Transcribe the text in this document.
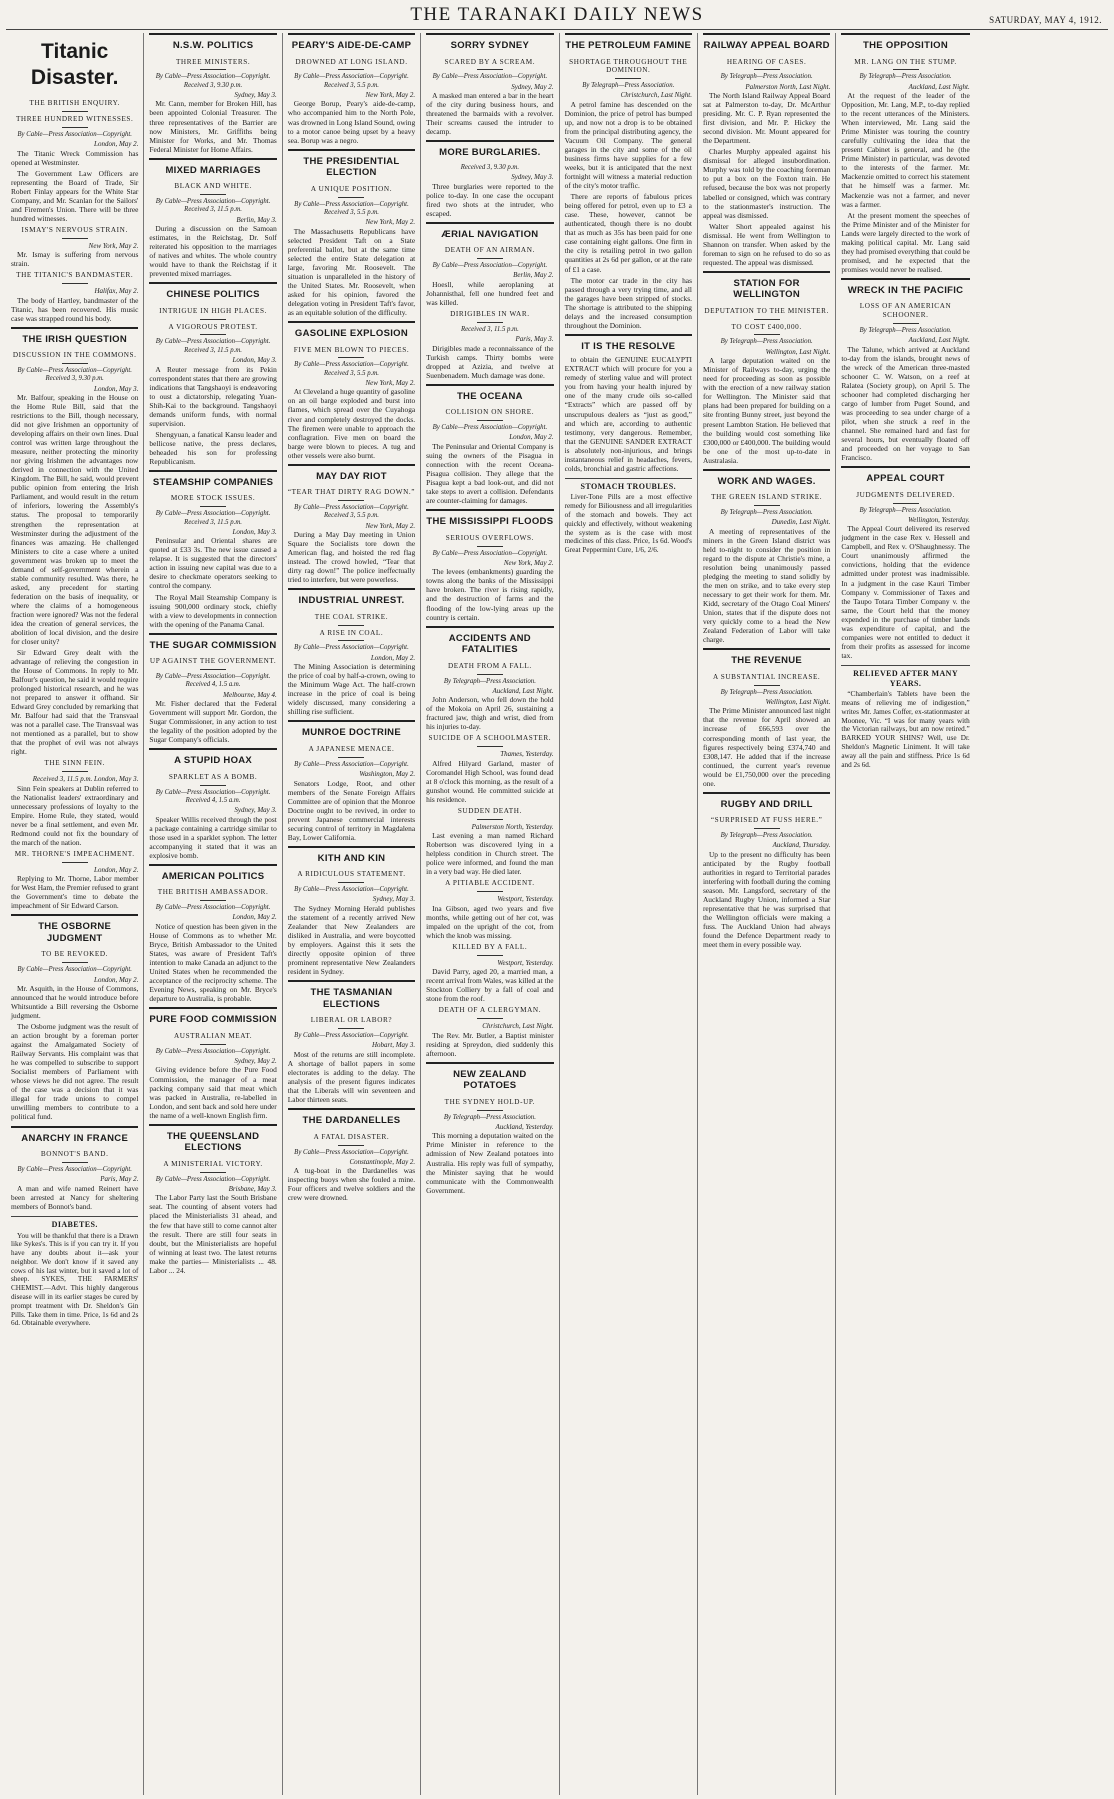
THE TARANAKI DAILY NEWS	SATURDAY, MAY 4, 1912.
Titanic Disaster.
THE BRITISH ENQUIRY.
THREE HUNDRED WITNESSES.
By Cable—Press Association—Copyright.
London, May 2.
The Titanic Wreck Commission has opened at Westminster.
The Government Law Officers are representing the Board of Trade, Sir Robert Finlay appears for the White Star Company, and Mr. Scanlan for the Sailors' and Firemen's Union. There will be three hundred witnesses.
ISMAY'S NERVOUS STRAIN.
New York, May 2.
Mr. Ismay is suffering from nervous strain.
THE TITANIC'S BANDMASTER.
Halifax, May 2.
The body of Hartley, bandmaster of the Titanic, has been recovered. His music case was strapped round his body.
THE IRISH QUESTION
DISCUSSION IN THE COMMONS.
By Cable—Press Association—Copyright. Received 3, 9.30 p.m.
London, May 3.
Mr. Balfour, speaking in the House on the Home Rule Bill, said that the restrictions to the Bill, though necessary, did not give Irishmen an opportunity of developing affairs on their own lines. Dual control was written large throughout the measure, neither protecting the minority nor giving Irishmen the advantages now derived in connection with the United Kingdom. The Bill, he said, would prevent public opinion from entering the Irish Parliament, and would result in the return of inferiors, lowering the Assembly's status. The proposal to temporarily strengthen the representation at Westminster during the adjustment of the finances was amazing. He challenged Ministers to cite a case where a united government was broken up to meet the demand of self-government wherein a stable community resulted. Was there, he asked, any precedent for starting federation on the basis of inequality, or where the claims of a homogeneous fraction were ignored? Was not the federal idea the creation of general services, the abolition of local division, and the desire for closer unity?
Sir Edward Grey dealt with the advantage of relieving the congestion in the House of Commons. In reply to Mr. Balfour's question, he said it would require prolonged historical research, and he was not prepared to answer it offhand. Sir Edward Grey concluded by remarking that Mr. Balfour had said that the Transvaal was not a parallel case. The Transvaal was not mentioned as a parallel, but to show that the prophet of evil was not always right.
THE SINN FEIN.
Received 3, 11.5 p.m. London, May 3.
Sinn Fein speakers at Dublin referred to the Nationalist leaders' extraordinary and unnecessary professions of loyalty to the Empire. Home Rule, they stated, would never be a final settlement, and even Mr. Redmond could not fix the boundary of the march of the nation.
MR. THORNE'S IMPEACHMENT.
London, May 2.
Replying to Mr. Thorne, Labor member for West Ham, the Premier refused to grant the Government's time to debate the impeachment of Sir Edward Carson.
THE OSBORNE JUDGMENT
TO BE REVOKED.
By Cable—Press Association—Copyright.
London, May 2.
Mr. Asquith, in the House of Commons, announced that he would introduce before Whitsuntide a Bill reversing the Osborne judgment.
The Osborne judgment was the result of an action brought by a foreman porter against the Amalgamated Society of Railway Servants. His complaint was that he was compelled to subscribe to support Socialist members of Parliament with whose views he did not agree. The result of the case was a decision that it was illegal for trade unions to compel unwilling members to contribute to a political fund.
ANARCHY IN FRANCE
BONNOT'S BAND.
By Cable—Press Association—Copyright.
Paris, May 2.
A man and wife named Reinert have been arrested at Nancy for sheltering members of Bonnot's band.
DIABETES.
You will be thankful that there is a Drawn like Sykes's. This is if you can try it. If you have any doubts about it—ask your neighbor. We don't know if it saved any cows of his last winter, but it saved a lot of sheep. SYKES, THE FARMERS' CHEMIST.—Advt. This highly dangerous disease will in its earlier stages be cured by prompt treatment with Dr. Sheldon's Gin Pills. Take them in time. Price, 1s 6d and 2s 6d. Obtainable everywhere.
N.S.W. POLITICS
THREE MINISTERS.
By Cable—Press Association—Copyright. Received 3, 9.30 p.m.
Sydney, May 3.
Mr. Cann, member for Broken Hill, has been appointed Colonial Treasurer. The three representatives of the Barrier are now Ministers, Mr. Griffiths being Minister for Works, and Mr. Thomas Federal Minister for Home Affairs.
MIXED MARRIAGES
BLACK AND WHITE.
By Cable—Press Association—Copyright. Received 3, 11.5 p.m.
Berlin, May 3.
During a discussion on the Samoan estimates, in the Reichstag, Dr. Solf reiterated his opposition to the marriages of natives and whites. The whole country would have to thank the Reichstag if it prevented mixed marriages.
CHINESE POLITICS
INTRIGUE IN HIGH PLACES.
A VIGOROUS PROTEST.
By Cable—Press Association—Copyright. Received 3, 11.5 p.m.
London, May 3.
A Reuter message from its Pekin correspondent states that there are growing indications that Tangshaoyi is endeavoring to oust a dictatorship, relegating Yuan-Shih-Kai to the background. Tangshaoyi demands uniform funds, with normal supervision.
Shengyuan, a fanatical Kansu leader and bellicose native, the press declares, beheaded his son for professing Republicanism.
STEAMSHIP COMPANIES
MORE STOCK ISSUES.
By Cable—Press Association—Copyright. Received 3, 11.5 p.m.
London, May 3.
Peninsular and Oriental shares are quoted at £33 3s. The new issue caused a relapse. It is suggested that the directors' action in issuing new capital was due to a desire to checkmate operators seeking to control the company.
The Royal Mail Steamship Company is issuing 900,000 ordinary stock, chiefly with a view to developments in connection with the opening of the Panama Canal.
THE SUGAR COMMISSION
UP AGAINST THE GOVERNMENT.
By Cable—Press Association—Copyright. Received 4, 1.5 a.m.
Melbourne, May 4.
Mr. Fisher declared that the Federal Government will support Mr. Gordon, the Sugar Commissioner, in any action to test the legality of the position adopted by the Sugar Company's officials.
A STUPID HOAX
SPARKLET AS A BOMB.
By Cable—Press Association—Copyright. Received 4, 1.5 a.m.
Sydney, May 3.
Speaker Willis received through the post a package containing a cartridge similar to those used in a sparklet syphon. The letter accompanying it stated that it was an explosive bomb.
AMERICAN POLITICS
THE BRITISH AMBASSADOR.
By Cable—Press Association—Copyright.
London, May 2.
Notice of question has been given in the House of Commons as to whether Mr. Bryce, British Ambassador to the United States, was aware of President Taft's intention to make Canada an adjunct to the United States when he recommended the acceptance of the reciprocity scheme. The Evening News, speaking on Mr. Bryce's departure to Australia, is probable.
PURE FOOD COMMISSION
AUSTRALIAN MEAT.
By Cable—Press Association—Copyright.
Sydney, May 2.
Giving evidence before the Pure Food Commission, the manager of a meat packing company said that meat which was packed in Australia, re-labelled in London, and sent back and sold here under the name of a well-known English firm.
THE QUEENSLAND ELECTIONS
A MINISTERIAL VICTORY.
By Cable—Press Association—Copyright.
Brisbane, May 3.
The Labor Party last the South Brisbane seat. The counting of absent voters had placed the Ministerialists 31 ahead, and the few that have still to come cannot alter the result. There are still four seats in doubt, but the Ministerialists are hopeful of winning at least two. The latest returns make the parties— Ministerialists ... 48. Labor ... 24.
PEARY'S AIDE-DE-CAMP
DROWNED AT LONG ISLAND.
By Cable—Press Association—Copyright. Received 3, 5.5 p.m.
New York, May 2.
George Borup, Peary's aide-de-camp, who accompanied him to the North Pole, was drowned in Long Island Sound, owing to a motor canoe being upset by a heavy sea. Borup was a negro.
THE PRESIDENTIAL ELECTION
A UNIQUE POSITION.
By Cable—Press Association—Copyright. Received 3, 5.5 p.m.
New York, May 2.
The Massachusetts Republicans have selected President Taft on a State preferential ballot, but at the same time selected the entire State delegation at large, favoring Mr. Roosevelt. The situation is unparalleled in the history of the United States. Mr. Roosevelt, when asked for his opinion, favored the delegation voting in President Taft's favor, as an equitable solution of the difficulty.
GASOLINE EXPLOSION
FIVE MEN BLOWN TO PIECES.
By Cable—Press Association—Copyright. Received 3, 5.5 p.m.
New York, May 2.
At Cleveland a huge quantity of gasoline on an oil barge exploded and burst into flames, which spread over the Cuyahoga river and completely destroyed the docks. The firemen were unable to approach the conflagration. Five men on board the barge were blown to pieces. A tug and other vessels were also burnt.
MAY DAY RIOT
“TEAR THAT DIRTY RAG DOWN.”
By Cable—Press Association—Copyright. Received 3, 5.5 p.m.
New York, May 2.
During a May Day meeting in Union Square the Socialists tore down the American flag, and hoisted the red flag instead. The crowd howled, “Tear that dirty rag down!” The police ineffectually tried to interfere, but were powerless.
INDUSTRIAL UNREST.
THE COAL STRIKE.
A RISE IN COAL.
By Cable—Press Association—Copyright.
London, May 2.
The Mining Association is determining the price of coal by half-a-crown, owing to the Minimum Wage Act. The half-crown increase in the price of coal is being widely discussed, many considering a shilling rise sufficient.
MUNROE DOCTRINE
A JAPANESE MENACE.
By Cable—Press Association—Copyright.
Washington, May 2.
Senators Lodge, Root, and other members of the Senate Foreign Affairs Committee are of opinion that the Monroe Doctrine ought to be revived, in order to prevent Japanese commercial interests securing control of territory in Magdalena Bay, Lower California.
KITH AND KIN
A RIDICULOUS STATEMENT.
By Cable—Press Association—Copyright.
Sydney, May 3.
The Sydney Morning Herald publishes the statement of a recently arrived New Zealander that New Zealanders are disliked in Australia, and were boycotted by employers. Against this it sets the directly opposite opinion of three prominent representative New Zealanders resident in Sydney.
THE TASMANIAN ELECTIONS
LIBERAL OR LABOR?
By Cable—Press Association—Copyright.
Hobart, May 3.
Most of the returns are still incomplete. A shortage of ballot papers in some electorates is adding to the delay. The analysis of the present figures indicates that the Liberals will win seventeen and Labor thirteen seats.
THE DARDANELLES
A FATAL DISASTER.
By Cable—Press Association—Copyright.
Constantinople, May 2.
A tug-boat in the Dardanelles was inspecting buoys when she fouled a mine. Four officers and twelve soldiers and the crew were drowned.
SORRY SYDNEY
SCARED BY A SCREAM.
By Cable—Press Association—Copyright.
Sydney, May 2.
A masked man entered a bar in the heart of the city during business hours, and threatened the barmaids with a revolver. Their screams caused the intruder to decamp.
MORE BURGLARIES.
Received 3, 9.30 p.m.
Sydney, May 3.
Three burglaries were reported to the police to-day. In one case the occupant fired two shots at the intruder, who escaped.
ÆRIAL NAVIGATION
DEATH OF AN AIRMAN.
By Cable—Press Association—Copyright.
Berlin, May 2.
Hoesll, while aeroplaning at Johannisthal, fell one hundred feet and was killed.
DIRIGIBLES IN WAR.
Received 3, 11.5 p.m.
Paris, May 3.
Dirigibles made a reconnaissance of the Turkish camps. Thirty bombs were dropped at Azizia, and twelve at Suenbenadem. Much damage was done.
THE OCEANA
COLLISION ON SHORE.
By Cable—Press Association—Copyright.
London, May 2.
The Peninsular and Oriental Company is suing the owners of the Pisagua in connection with the recent Oceana-Pisagua collision. They allege that the Pisagua kept a bad look-out, and did not take steps to avert a collision. Defendants are counter-claiming for damages.
THE MISSISSIPPI FLOODS
SERIOUS OVERFLOWS.
By Cable—Press Association—Copyright.
New York, May 2.
The levees (embankments) guarding the towns along the banks of the Mississippi have broken. The river is rising rapidly, and the destruction of farms and the flooding of the low-lying areas up the country is certain.
ACCIDENTS AND FATALITIES
DEATH FROM A FALL.
By Telegraph—Press Association.
Auckland, Last Night.
John Anderson, who fell down the hold of the Mokoia on April 26, sustaining a fractured jaw, thigh and wrist, died from his injuries to-day.
SUICIDE OF A SCHOOLMASTER.
Thames, Yesterday.
Alfred Hilyard Garland, master of Coromandel High School, was found dead at 8 o'clock this morning, as the result of a gunshot wound. He committed suicide at his residence.
SUDDEN DEATH.
Palmerston North, Yesterday.
Last evening a man named Richard Robertson was discovered lying in a helpless condition in Church street. The police were informed, and found the man in a very bad way. He died later.
A PITIABLE ACCIDENT.
Westport, Yesterday.
Ina Gibson, aged two years and five months, while getting out of her cot, was impaled on the upright of the cot, from which the knob was missing.
KILLED BY A FALL.
Westport, Yesterday.
David Parry, aged 20, a married man, a recent arrival from Wales, was killed at the Stockton Colliery by a fall of coal and stone from the roof.
DEATH OF A CLERGYMAN.
Christchurch, Last Night.
The Rev. Mr. Butler, a Baptist minister residing at Spreydon, died suddenly this afternoon.
NEW ZEALAND POTATOES
THE SYDNEY HOLD-UP.
By Telegraph—Press Association.
Auckland, Yesterday.
This morning a deputation waited on the Prime Minister in reference to the admission of New Zealand potatoes into Australia. His reply was full of sympathy, the Minister saying that he would communicate with the Commonwealth Government.
THE PETROLEUM FAMINE
SHORTAGE THROUGHOUT THE DOMINION.
By Telegraph—Press Association.
Christchurch, Last Night.
A petrol famine has descended on the Dominion, the price of petrol has bumped up, and now not a drop is to be obtained from the principal distributing agency, the Vacuum Oil Company. The general garages in the city and some of the oil business firms have supplies for a few weeks, but it is anticipated that the next fortnight will witness a material reduction of the city's motor traffic.
There are reports of fabulous prices being offered for petrol, even up to £3 a case. These, however, cannot be authenticated, though there is no doubt that as much as 35s has been paid for one case containing eight gallons. One firm in the city is retailing petrol in two gallon quantities at 2s 6d per gallon, or at the rate of £1 a case.
The motor car trade in the city has passed through a very trying time, and all the garages have been stripped of stocks. The shortage is attributed to the shipping delays and the increased consumption throughout the Dominion.
IT IS THE RESOLVE
to obtain the GENUINE EUCALYPTI EXTRACT which will procure for you a remedy of sterling value and will protect you from having your health injured by one of the many crude oils so-called “Extracts” which are passed off by unscrupulous dealers as “just as good,” and which are, according to authentic testimony, very dangerous. Remember, that the GENUINE SANDER EXTRACT is absolutely non-injurious, and brings instantaneous relief in headaches, fevers, colds, bronchial and gastric affections.
STOMACH TROUBLES.
Liver-Tone Pills are a most effective remedy for Biliousness and all irregularities of the stomach and bowels. They act quickly and effectively, without weakening the system as is the case with most medicines of this class. Price, 1s 6d. Wood's Great Peppermint Cure, 1/6, 2/6.
RAILWAY APPEAL BOARD
HEARING OF CASES.
By Telegraph—Press Association.
Palmerston North, Last Night.
The North Island Railway Appeal Board sat at Palmerston to-day, Dr. McArthur presiding. Mr. C. P. Ryan represented the first division, and Mr. P. Hickey the second division. Mr. Mount appeared for the Department.
Charles Murphy appealed against his dismissal for alleged insubordination. Murphy was told by the coaching foreman to put a box on the Foxton train. He refused, because the box was not properly labelled or consigned, which was contrary to the stationmaster's instruction. The appeal was dismissed.
Walter Short appealed against his dismissal. He went from Wellington to Shannon on transfer. When asked by the foreman to sign on he refused to do so as requested. The appeal was dismissed.
STATION FOR WELLINGTON
DEPUTATION TO THE MINISTER.
TO COST £400,000.
By Telegraph—Press Association.
Wellington, Last Night.
A large deputation waited on the Minister of Railways to-day, urging the need for proceeding as soon as possible with the erection of a new railway station for Wellington. The Minister said that plans had been prepared for building on a site fronting Bunny street, just beyond the present Lambton Station. He believed that the building would cost something like £300,000 or £400,000. The building would be one of the most up-to-date in Australasia.
WORK AND WAGES.
THE GREEN ISLAND STRIKE.
By Telegraph—Press Association.
Dunedin, Last Night.
A meeting of representatives of the miners in the Green Island district was held to-night to consider the position in regard to the dispute at Christie's mine, a resolution being unanimously passed pledging the meeting to stand solidly by the men on strike, and to take every step necessary to get their work for them. Mr. Kidd, secretary of the Otago Coal Miners' Union, states that if the dispute does not very quickly come to a head the New Zealand Federation of Labor will take charge.
THE REVENUE
A SUBSTANTIAL INCREASE.
By Telegraph—Press Association.
Wellington, Last Night.
The Prime Minister announced last night that the revenue for April showed an increase of £66,593 over the corresponding month of last year, the figures respectively being £374,740 and £308,147. He added that if the increase continued, the current year's revenue would be £1,750,000 over the preceding one.
RUGBY AND DRILL
“SURPRISED AT FUSS HERE.”
By Telegraph—Press Association.
Auckland, Thursday.
Up to the present no difficulty has been anticipated by the Rugby football authorities in regard to Territorial parades interfering with football during the coming season. Mr. Langsford, secretary of the Auckland Rugby Union, informed a Star representative that he was surprised that the Wellington officials were making a fuss. The Auckland Union had always found the Defence Department ready to meet them in every possible way.
THE OPPOSITION
MR. LANG ON THE STUMP.
By Telegraph—Press Association.
Auckland, Last Night.
At the request of the leader of the Opposition, Mr. Lang, M.P., to-day replied to the recent utterances of the Ministers. When interviewed, Mr. Lang said the Prime Minister was touring the country carefully cultivating the idea that the present Cabinet is general, and he (the Prime Minister) in particular, was devoted to the interests of the farmer. Mr. Mackenzie omitted to correct his statement that he himself was a farmer. Mr. Mackenzie was not a farmer, and never was a farmer.
At the present moment the speeches of the Prime Minister and of the Minister for Lands were largely directed to the work of making political capital. Mr. Lang said they had promised everything that could be promised, and he expected that the promises would never be realised.
WRECK IN THE PACIFIC
LOSS OF AN AMERICAN SCHOONER.
By Telegraph—Press Association.
Auckland, Last Night.
The Talune, which arrived at Auckland to-day from the islands, brought news of the wreck of the American three-masted schooner C. W. Watson, on a reef at Ralatea (Society group), on April 5. The schooner had completed discharging her cargo of lumber from Puget Sound, and was proceeding to sea under charge of a pilot, when she struck a reef in the channel. She remained hard and fast for several hours, but eventually floated off and proceeded on her voyage to San Francisco.
APPEAL COURT
JUDGMENTS DELIVERED.
By Telegraph—Press Association.
Wellington, Yesterday.
The Appeal Court delivered its reserved judgment in the case Rex v. Hessell and Campbell, and Rex v. O'Shaughnessy. The Court unanimously affirmed the convictions, holding that the evidence admitted under protest was inadmissible. In a judgment in the case Kauri Timber Company v. Commissioner of Taxes and the Taupo Totara Timber Company v. the same, the Court held that the money expended in the purchase of timber lands was expenditure of capital, and the companies were not entitled to deduct it from their profits as assessed for income tax.
RELIEVED AFTER MANY YEARS.
“Chamberlain's Tablets have been the means of relieving me of indigestion,” writes Mr. James Coffer, ex-stationmaster at Moonee, Vic. “I was for many years with the Victorian railways, but am now retired.” BARKED YOUR SHINS? Well, use Dr. Sheldon's Magnetic Liniment. It will take away all the pain and stiffness. Price 1s 6d and 2s 6d.
